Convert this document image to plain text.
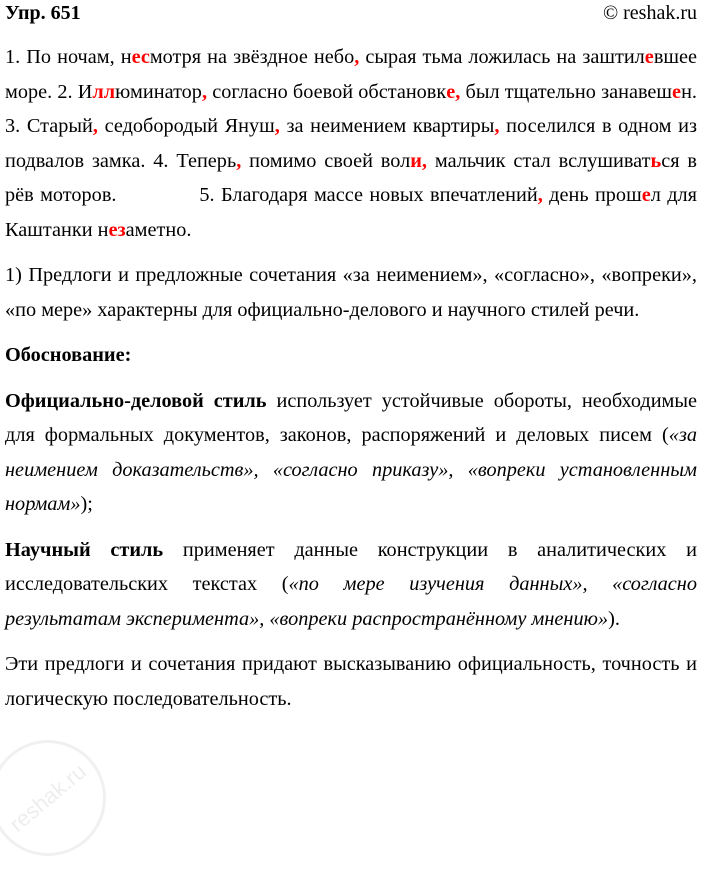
Упр. 651	© reshak.ru

1. По ночам, несмотря на звёздное небо, сырая тьма ложилась на заштилевшее море. 2. Иллюминатор, согласно боевой обстановке, был тщательно занавешен. 3. Старый, седобородый Януш, за неимением квартиры, поселился в одном из подвалов замка. 4. Теперь, помимо своей воли, мальчик стал вслушиваться в рёв моторов.             5. Благодаря массе новых впечатлений, день прошел для Каштанки незаметно.

1) Предлоги и предложные сочетания «за неимением», «согласно», «вопреки», «по мере» характерны для официально-делового и научного стилей речи.

Обоснование:

Официально-деловой стиль использует устойчивые обороты, необходимые для формальных документов, законов, распоряжений и деловых писем («за неимением доказательств», «согласно приказу», «вопреки установленным нормам»);

Научный стиль применяет данные конструкции в аналитических и исследовательских текстах («по мере изучения данных», «согласно результатам эксперимента», «вопреки распространённому мнению»).

Эти предлоги и сочетания придают высказыванию официальность, точность и логическую последовательность.

reshak.ru
